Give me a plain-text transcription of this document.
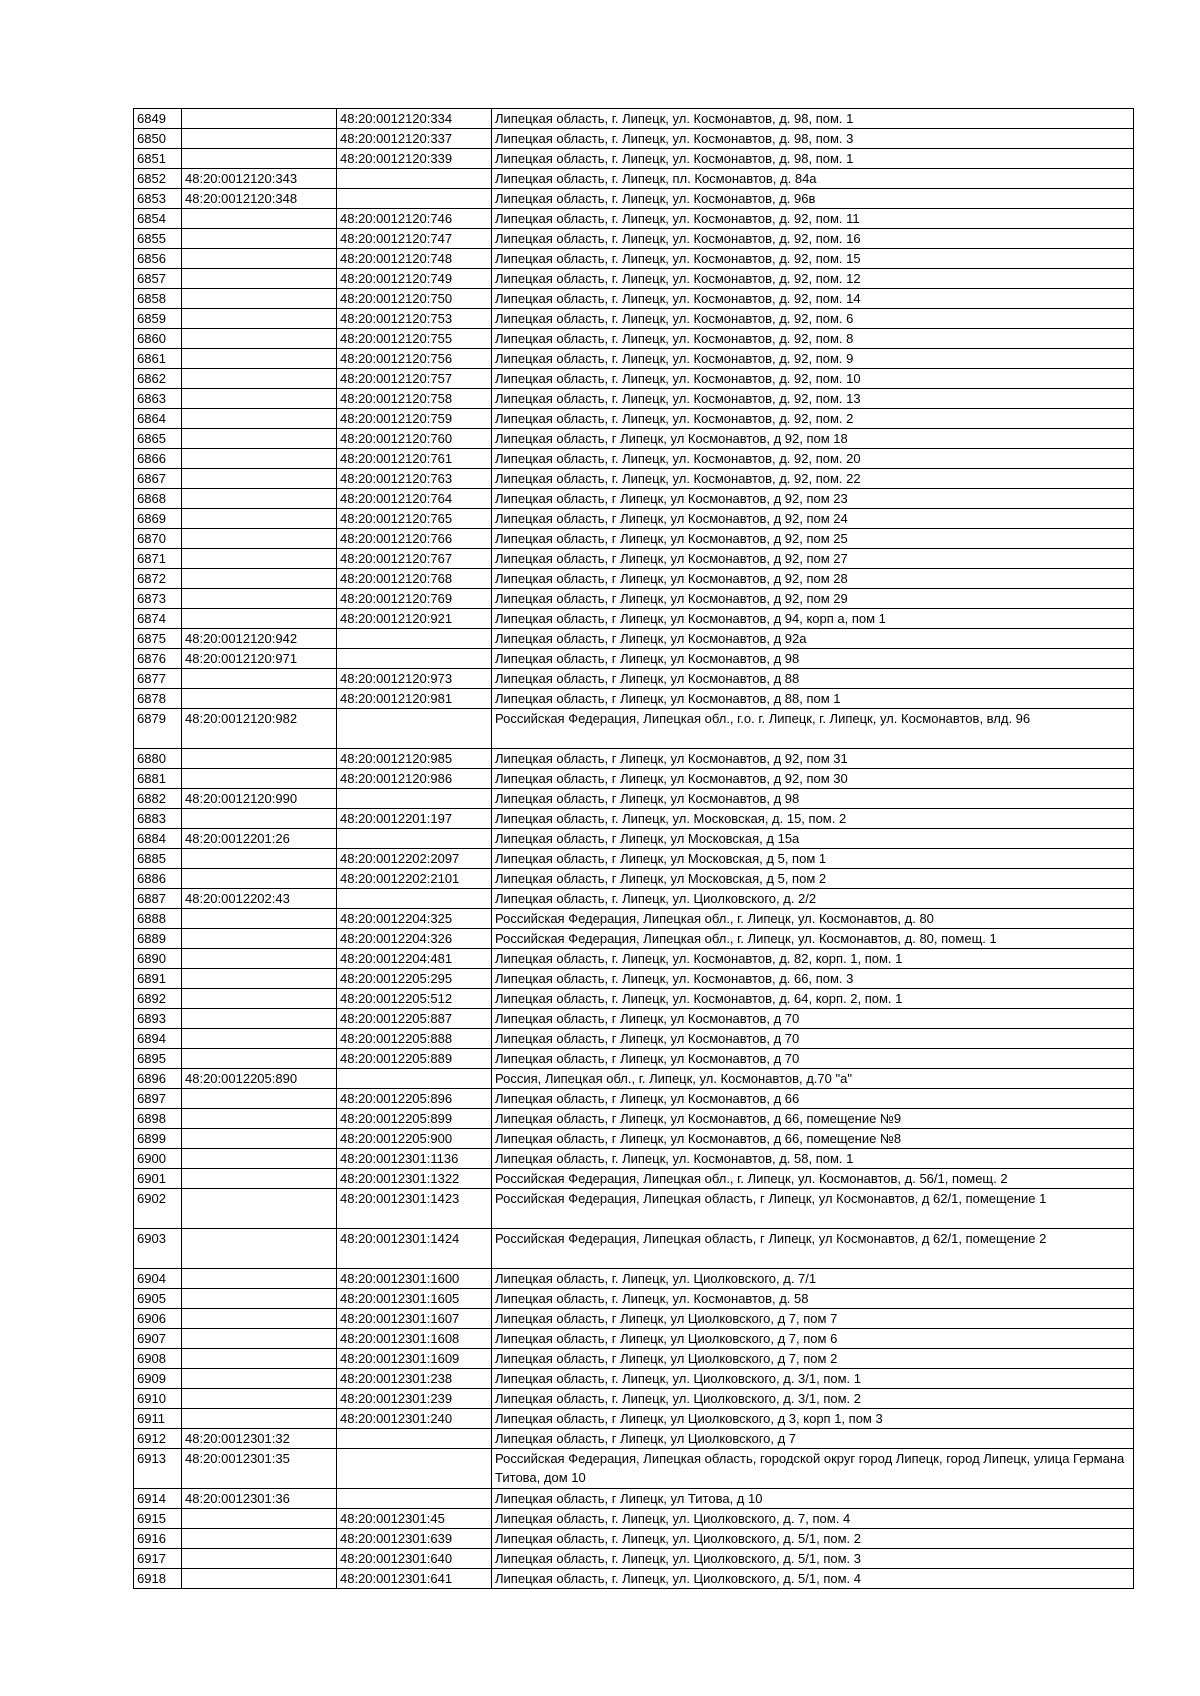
6849		48:20:0012120:334	Липецкая область, г. Липецк, ул. Космонавтов, д. 98, пом. 1
6850		48:20:0012120:337	Липецкая область, г. Липецк, ул. Космонавтов, д. 98, пом. 3
6851		48:20:0012120:339	Липецкая область, г. Липецк, ул. Космонавтов, д. 98, пом. 1
6852	48:20:0012120:343		Липецкая область, г. Липецк, пл. Космонавтов, д. 84а
6853	48:20:0012120:348		Липецкая область, г. Липецк, ул. Космонавтов, д. 96в
6854		48:20:0012120:746	Липецкая область, г. Липецк, ул. Космонавтов, д. 92, пом. 11
6855		48:20:0012120:747	Липецкая область, г. Липецк, ул. Космонавтов, д. 92, пом. 16
6856		48:20:0012120:748	Липецкая область, г. Липецк, ул. Космонавтов, д. 92, пом. 15
6857		48:20:0012120:749	Липецкая область, г. Липецк, ул. Космонавтов, д. 92, пом. 12
6858		48:20:0012120:750	Липецкая область, г. Липецк, ул. Космонавтов, д. 92, пом. 14
6859		48:20:0012120:753	Липецкая область, г. Липецк, ул. Космонавтов, д. 92, пом. 6
6860		48:20:0012120:755	Липецкая область, г. Липецк, ул. Космонавтов, д. 92, пом. 8
6861		48:20:0012120:756	Липецкая область, г. Липецк, ул. Космонавтов, д. 92, пом. 9
6862		48:20:0012120:757	Липецкая область, г. Липецк, ул. Космонавтов, д. 92, пом. 10
6863		48:20:0012120:758	Липецкая область, г. Липецк, ул. Космонавтов, д. 92, пом. 13
6864		48:20:0012120:759	Липецкая область, г. Липецк, ул. Космонавтов, д. 92, пом. 2
6865		48:20:0012120:760	Липецкая область, г Липецк, ул Космонавтов, д 92, пом 18
6866		48:20:0012120:761	Липецкая область, г. Липецк, ул. Космонавтов, д. 92, пом. 20
6867		48:20:0012120:763	Липецкая область, г. Липецк, ул. Космонавтов, д. 92, пом. 22
6868		48:20:0012120:764	Липецкая область, г Липецк, ул Космонавтов, д 92, пом 23
6869		48:20:0012120:765	Липецкая область, г Липецк, ул Космонавтов, д 92, пом 24
6870		48:20:0012120:766	Липецкая область, г Липецк, ул Космонавтов, д 92, пом 25
6871		48:20:0012120:767	Липецкая область, г Липецк, ул Космонавтов, д 92, пом 27
6872		48:20:0012120:768	Липецкая область, г Липецк, ул Космонавтов, д 92, пом 28
6873		48:20:0012120:769	Липецкая область, г Липецк, ул Космонавтов, д 92, пом 29
6874		48:20:0012120:921	Липецкая область, г Липецк, ул Космонавтов, д 94, корп а, пом 1
6875	48:20:0012120:942		Липецкая область, г Липецк, ул Космонавтов, д 92а
6876	48:20:0012120:971		Липецкая область, г Липецк, ул Космонавтов, д 98
6877		48:20:0012120:973	Липецкая область, г Липецк, ул Космонавтов, д 88
6878		48:20:0012120:981	Липецкая область, г Липецк, ул Космонавтов, д 88, пом 1
6879	48:20:0012120:982		Российская Федерация, Липецкая обл., г.о. г. Липецк, г. Липецк, ул. Космонавтов, влд. 96
6880		48:20:0012120:985	Липецкая область, г Липецк, ул Космонавтов, д 92, пом 31
6881		48:20:0012120:986	Липецкая область, г Липецк, ул Космонавтов, д 92, пом 30
6882	48:20:0012120:990		Липецкая область, г Липецк, ул Космонавтов, д 98
6883		48:20:0012201:197	Липецкая область, г. Липецк, ул. Московская, д. 15, пом. 2
6884	48:20:0012201:26		Липецкая область, г Липецк, ул Московская, д 15а
6885		48:20:0012202:2097	Липецкая область, г Липецк, ул Московская, д 5, пом 1
6886		48:20:0012202:2101	Липецкая область, г Липецк, ул Московская, д 5, пом 2
6887	48:20:0012202:43		Липецкая область, г. Липецк, ул. Циолковского, д. 2/2
6888		48:20:0012204:325	Российская Федерация, Липецкая обл., г. Липецк, ул. Космонавтов, д. 80
6889		48:20:0012204:326	Российская Федерация, Липецкая обл., г. Липецк, ул. Космонавтов, д. 80, помещ. 1
6890		48:20:0012204:481	Липецкая область, г. Липецк, ул. Космонавтов, д. 82, корп. 1, пом. 1
6891		48:20:0012205:295	Липецкая область, г. Липецк, ул. Космонавтов, д. 66, пом. 3
6892		48:20:0012205:512	Липецкая область, г. Липецк, ул. Космонавтов, д. 64, корп. 2, пом. 1
6893		48:20:0012205:887	Липецкая область, г Липецк, ул Космонавтов, д 70
6894		48:20:0012205:888	Липецкая область, г Липецк, ул Космонавтов, д 70
6895		48:20:0012205:889	Липецкая область, г Липецк, ул Космонавтов, д 70
6896	48:20:0012205:890		Россия, Липецкая обл., г. Липецк, ул. Космонавтов, д.70 "а"
6897		48:20:0012205:896	Липецкая область, г Липецк, ул Космонавтов, д 66
6898		48:20:0012205:899	Липецкая область, г Липецк, ул Космонавтов, д 66, помещение №9
6899		48:20:0012205:900	Липецкая область, г Липецк, ул Космонавтов, д 66, помещение №8
6900		48:20:0012301:1136	Липецкая область, г. Липецк, ул. Космонавтов, д. 58, пом. 1
6901		48:20:0012301:1322	Российская Федерация, Липецкая обл., г. Липецк, ул. Космонавтов, д. 56/1, помещ. 2
6902		48:20:0012301:1423	Российская Федерация, Липецкая область, г Липецк, ул Космонавтов, д 62/1, помещение 1
6903		48:20:0012301:1424	Российская Федерация, Липецкая область, г Липецк, ул Космонавтов, д 62/1, помещение 2
6904		48:20:0012301:1600	Липецкая область, г. Липецк, ул. Циолковского, д. 7/1
6905		48:20:0012301:1605	Липецкая область, г. Липецк, ул. Космонавтов, д. 58
6906		48:20:0012301:1607	Липецкая область, г Липецк, ул Циолковского, д 7, пом 7
6907		48:20:0012301:1608	Липецкая область, г Липецк, ул Циолковского, д 7, пом 6
6908		48:20:0012301:1609	Липецкая область, г Липецк, ул Циолковского, д 7, пом 2
6909		48:20:0012301:238	Липецкая область, г. Липецк, ул. Циолковского, д. 3/1, пом. 1
6910		48:20:0012301:239	Липецкая область, г. Липецк, ул. Циолковского, д. 3/1, пом. 2
6911		48:20:0012301:240	Липецкая область, г Липецк, ул Циолковского, д 3, корп 1, пом 3
6912	48:20:0012301:32		Липецкая область, г Липецк, ул Циолковского, д 7
6913	48:20:0012301:35		Российская Федерация, Липецкая область, городской округ город Липецк, город Липецк, улица Германа Титова, дом 10
6914	48:20:0012301:36		Липецкая область, г Липецк, ул Титова, д 10
6915		48:20:0012301:45	Липецкая область, г. Липецк, ул. Циолковского, д. 7, пом. 4
6916		48:20:0012301:639	Липецкая область, г. Липецк, ул. Циолковского, д. 5/1, пом. 2
6917		48:20:0012301:640	Липецкая область, г. Липецк, ул. Циолковского, д. 5/1, пом. 3
6918		48:20:0012301:641	Липецкая область, г. Липецк, ул. Циолковского, д. 5/1, пом. 4
